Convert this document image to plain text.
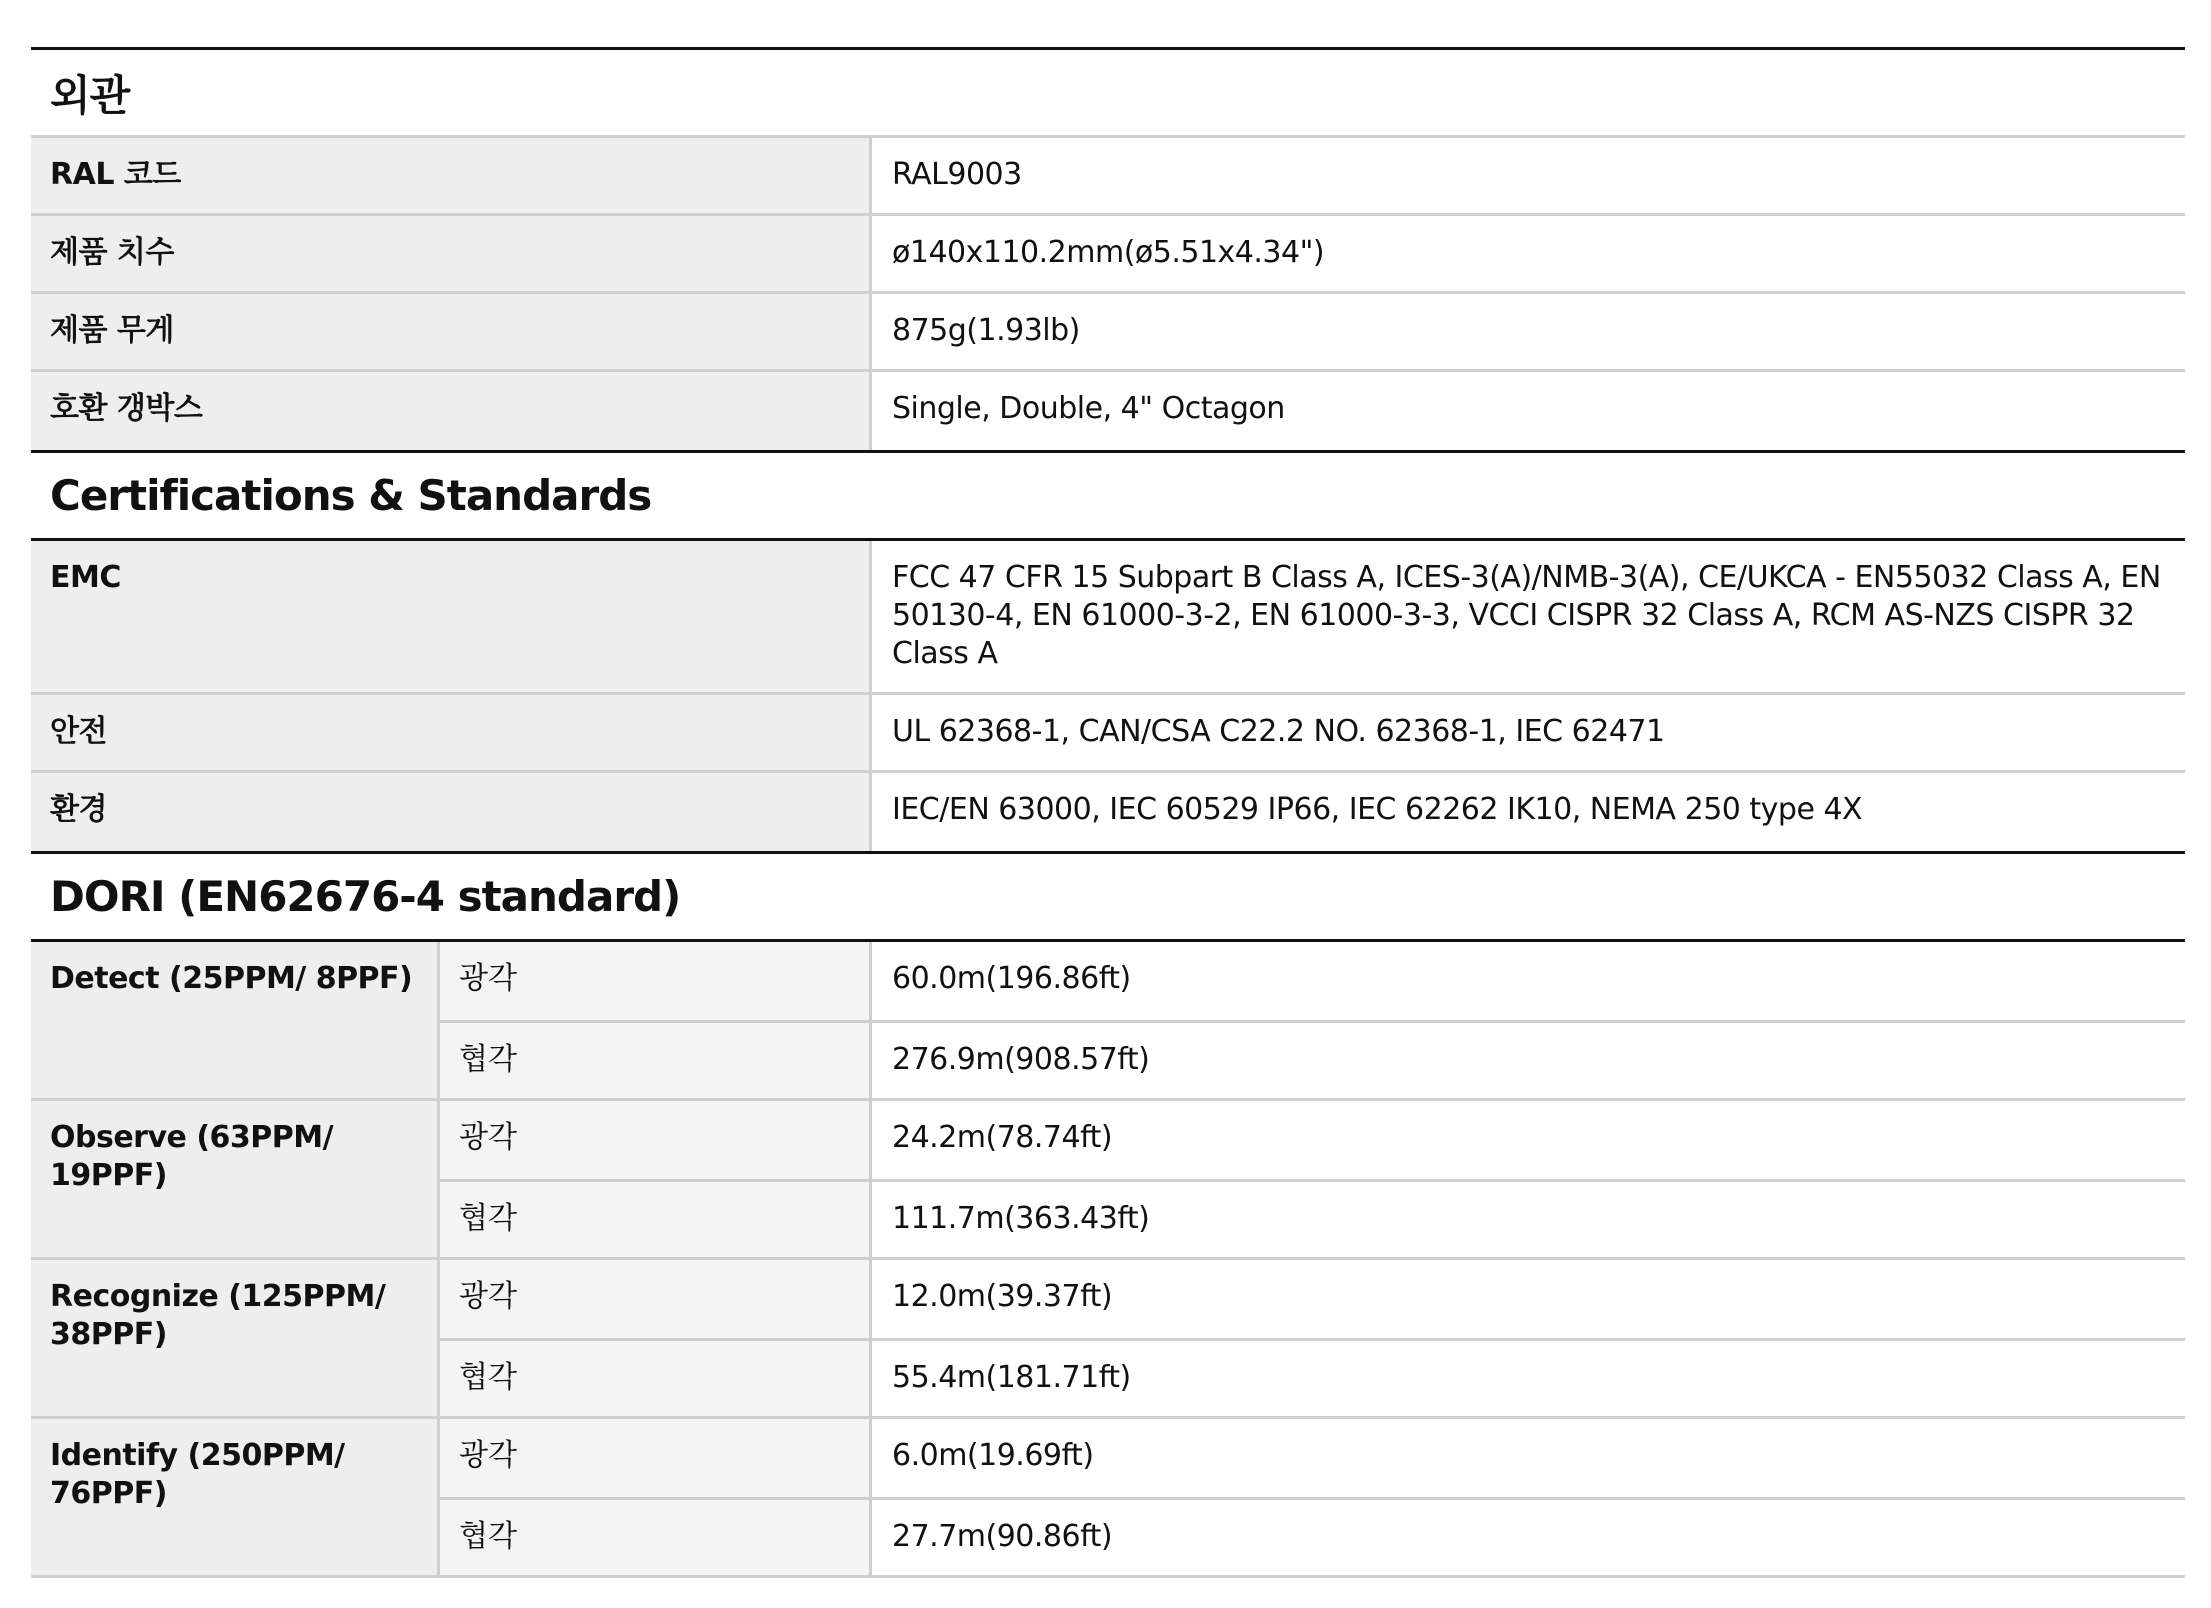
외관
RAL 코드	RAL9003
제품 치수	ø140x110.2mm(ø5.51x4.34")
제품 무게	875g(1.93lb)
호환 갱박스	Single, Double, 4" Octagon
Certifications & Standards
EMC	FCC 47 CFR 15 Subpart B Class A, ICES-3(A)/NMB-3(A), CE/UKCA - EN55032 Class A, EN 50130-4, EN 61000-3-2, EN 61000-3-3, VCCI CISPR 32 Class A, RCM AS-NZS CISPR 32 Class A
안전	UL 62368-1, CAN/CSA C22.2 NO. 62368-1, IEC 62471
환경	IEC/EN 63000, IEC 60529 IP66, IEC 62262 IK10, NEMA 250 type 4X
DORI (EN62676-4 standard)
Detect (25PPM/ 8PPF)	광각	60.0m(196.86ft)
협각	276.9m(908.57ft)
Observe (63PPM/ 19PPF)
광각	24.2m(78.74ft)
협각	111.7m(363.43ft)
Recognize (125PPM/ 38PPF)
광각	12.0m(39.37ft)
협각	55.4m(181.71ft)
Identify (250PPM/ 76PPF)
광각	6.0m(19.69ft)
협각	27.7m(90.86ft)
